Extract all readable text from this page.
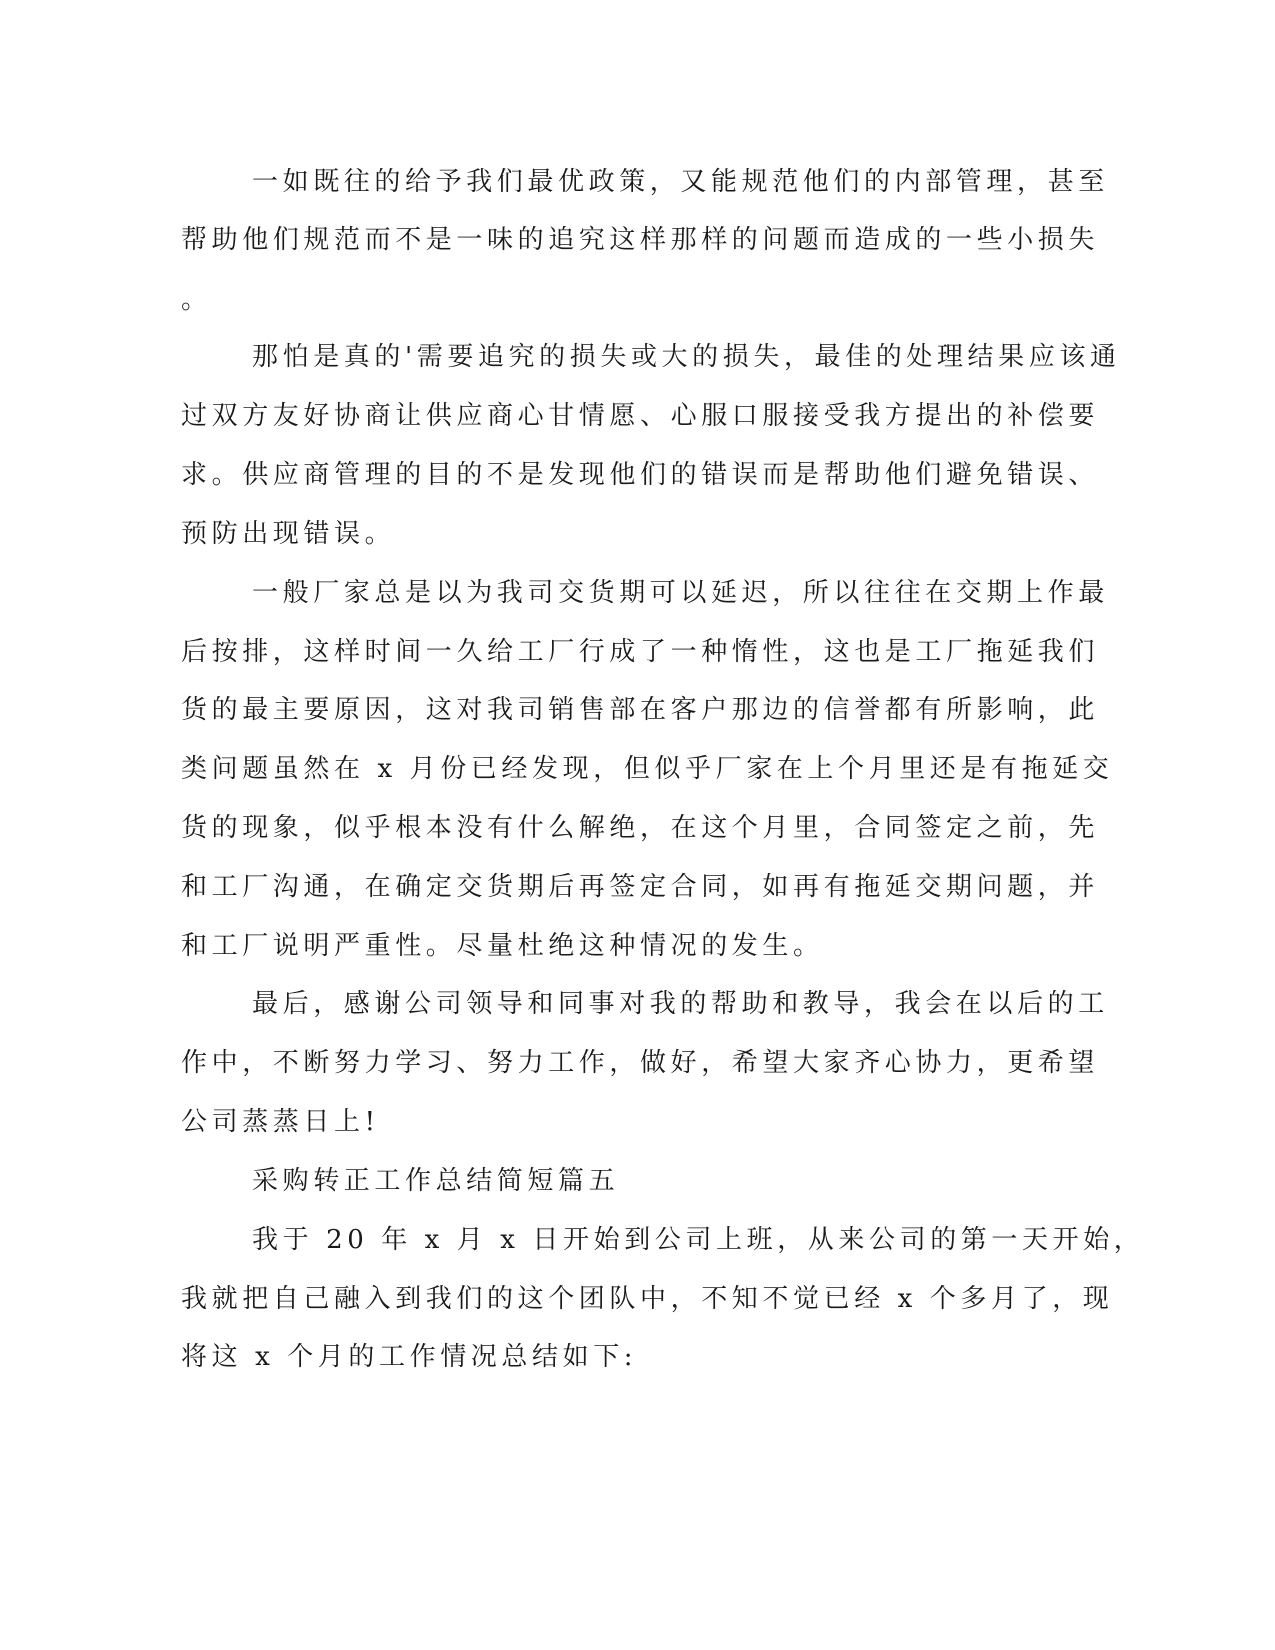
一如既往的给予我们最优政策，又能规范他们的内部管理，甚至

帮助他们规范而不是一味的追究这样那样的问题而造成的一些小损失

。

那怕是真的'需要追究的损失或大的损失，最佳的处理结果应该通

过双方友好协商让供应商心甘情愿、心服口服接受我方提出的补偿要

求。供应商管理的目的不是发现他们的错误而是帮助他们避免错误、

预防出现错误。

一般厂家总是以为我司交货期可以延迟，所以往往在交期上作最

后按排，这样时间一久给工厂行成了一种惰性，这也是工厂拖延我们

货的最主要原因，这对我司销售部在客户那边的信誉都有所影响，此

类问题虽然在 x 月份已经发现，但似乎厂家在上个月里还是有拖延交

货的现象，似乎根本没有什么解绝，在这个月里，合同签定之前，先

和工厂沟通，在确定交货期后再签定合同，如再有拖延交期问题，并

和工厂说明严重性。尽量杜绝这种情况的发生。

最后，感谢公司领导和同事对我的帮助和教导，我会在以后的工

作中，不断努力学习、努力工作，做好，希望大家齐心协力，更希望

公司蒸蒸日上!

采购转正工作总结简短篇五

我于 20 年 x 月 x 日开始到公司上班，从来公司的第一天开始，

我就把自己融入到我们的这个团队中，不知不觉已经 x 个多月了，现

将这 x 个月的工作情况总结如下:
